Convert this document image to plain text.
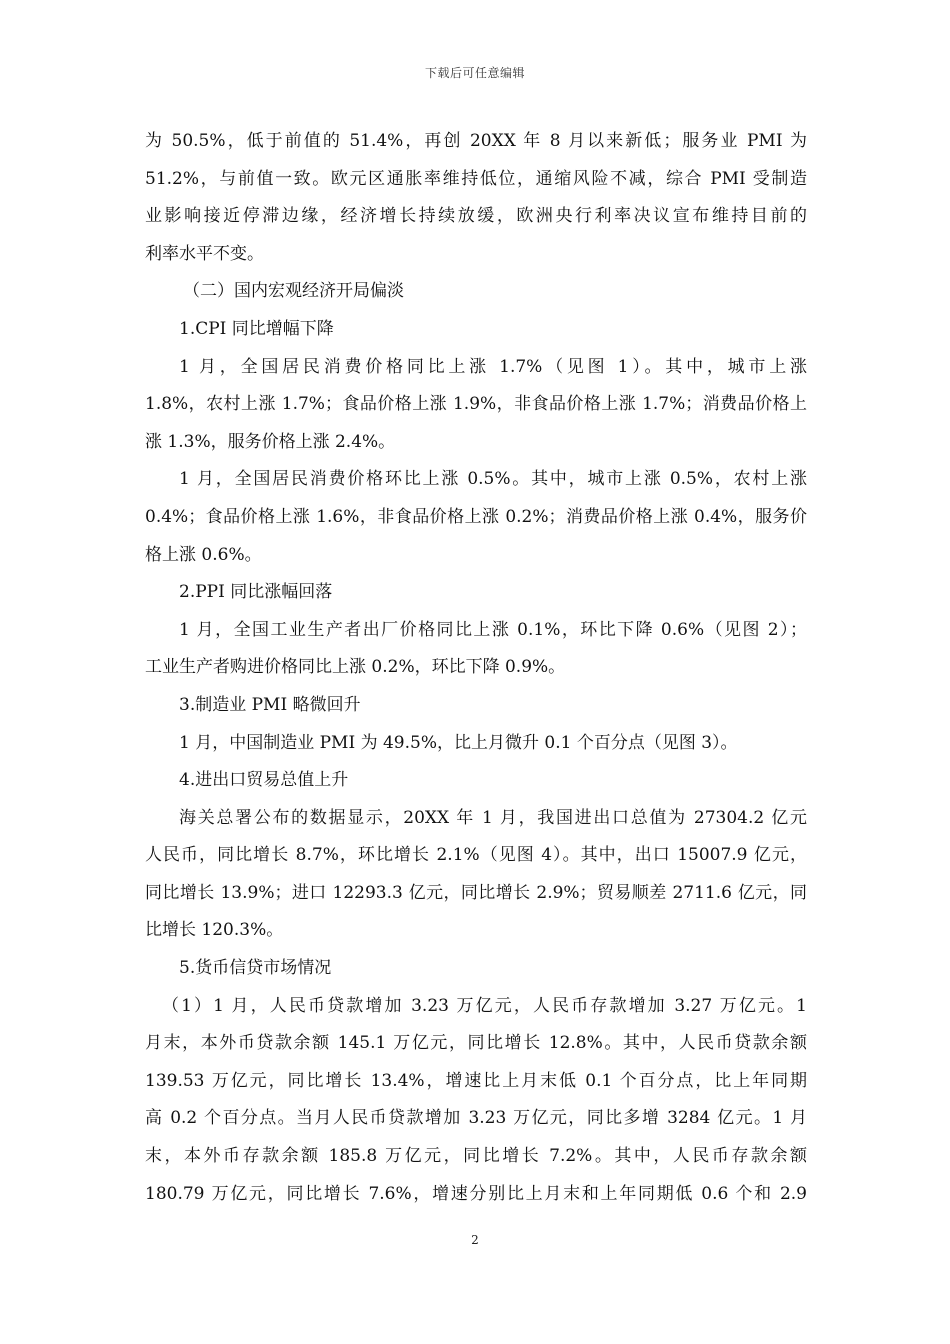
下载后可任意编辑
为 50.5%，低于前值的 51.4%，再创 20XX 年 8 月以来新低；服务业 PMI 为
51.2%，与前值一致。欧元区通胀率维持低位，通缩风险不减，综合 PMI 受制造
业影响接近停滞边缘，经济增长持续放缓，欧洲央行利率决议宣布维持目前的
利率水平不变。
（二）国内宏观经济开局偏淡
1.CPI 同比增幅下降
1 月，全国居民消费价格同比上涨 1.7%（见图 1）。其中，城市上涨
1.8%，农村上涨 1.7%；食品价格上涨 1.9%，非食品价格上涨 1.7%；消费品价格上
涨 1.3%，服务价格上涨 2.4%。
1 月，全国居民消费价格环比上涨 0.5%。其中，城市上涨 0.5%，农村上涨
0.4%；食品价格上涨 1.6%，非食品价格上涨 0.2%；消费品价格上涨 0.4%，服务价
格上涨 0.6%。
2.PPI 同比涨幅回落
1 月，全国工业生产者出厂价格同比上涨 0.1%，环比下降 0.6%（见图 2）；
工业生产者购进价格同比上涨 0.2%，环比下降 0.9%。
3.制造业 PMI 略微回升
1 月，中国制造业 PMI 为 49.5%，比上月微升 0.1 个百分点（见图 3）。
4.进出口贸易总值上升
海关总署公布的数据显示，20XX 年 1 月，我国进出口总值为 27304.2 亿元
人民币，同比增长 8.7%，环比增长 2.1%（见图 4）。其中，出口 15007.9 亿元，
同比增长 13.9%；进口 12293.3 亿元，同比增长 2.9%；贸易顺差 2711.6 亿元，同
比增长 120.3%。
5.货币信贷市场情况
（1）1 月，人民币贷款增加 3.23 万亿元，人民币存款增加 3.27 万亿元。1
月末，本外币贷款余额 145.1 万亿元，同比增长 12.8%。其中，人民币贷款余额
139.53 万亿元，同比增长 13.4%，增速比上月末低 0.1 个百分点，比上年同期
高 0.2 个百分点。当月人民币贷款增加 3.23 万亿元，同比多增 3284 亿元。1 月
末，本外币存款余额 185.8 万亿元，同比增长 7.2%。其中，人民币存款余额
180.79 万亿元，同比增长 7.6%，增速分别比上月末和上年同期低 0.6 个和 2.9
2
